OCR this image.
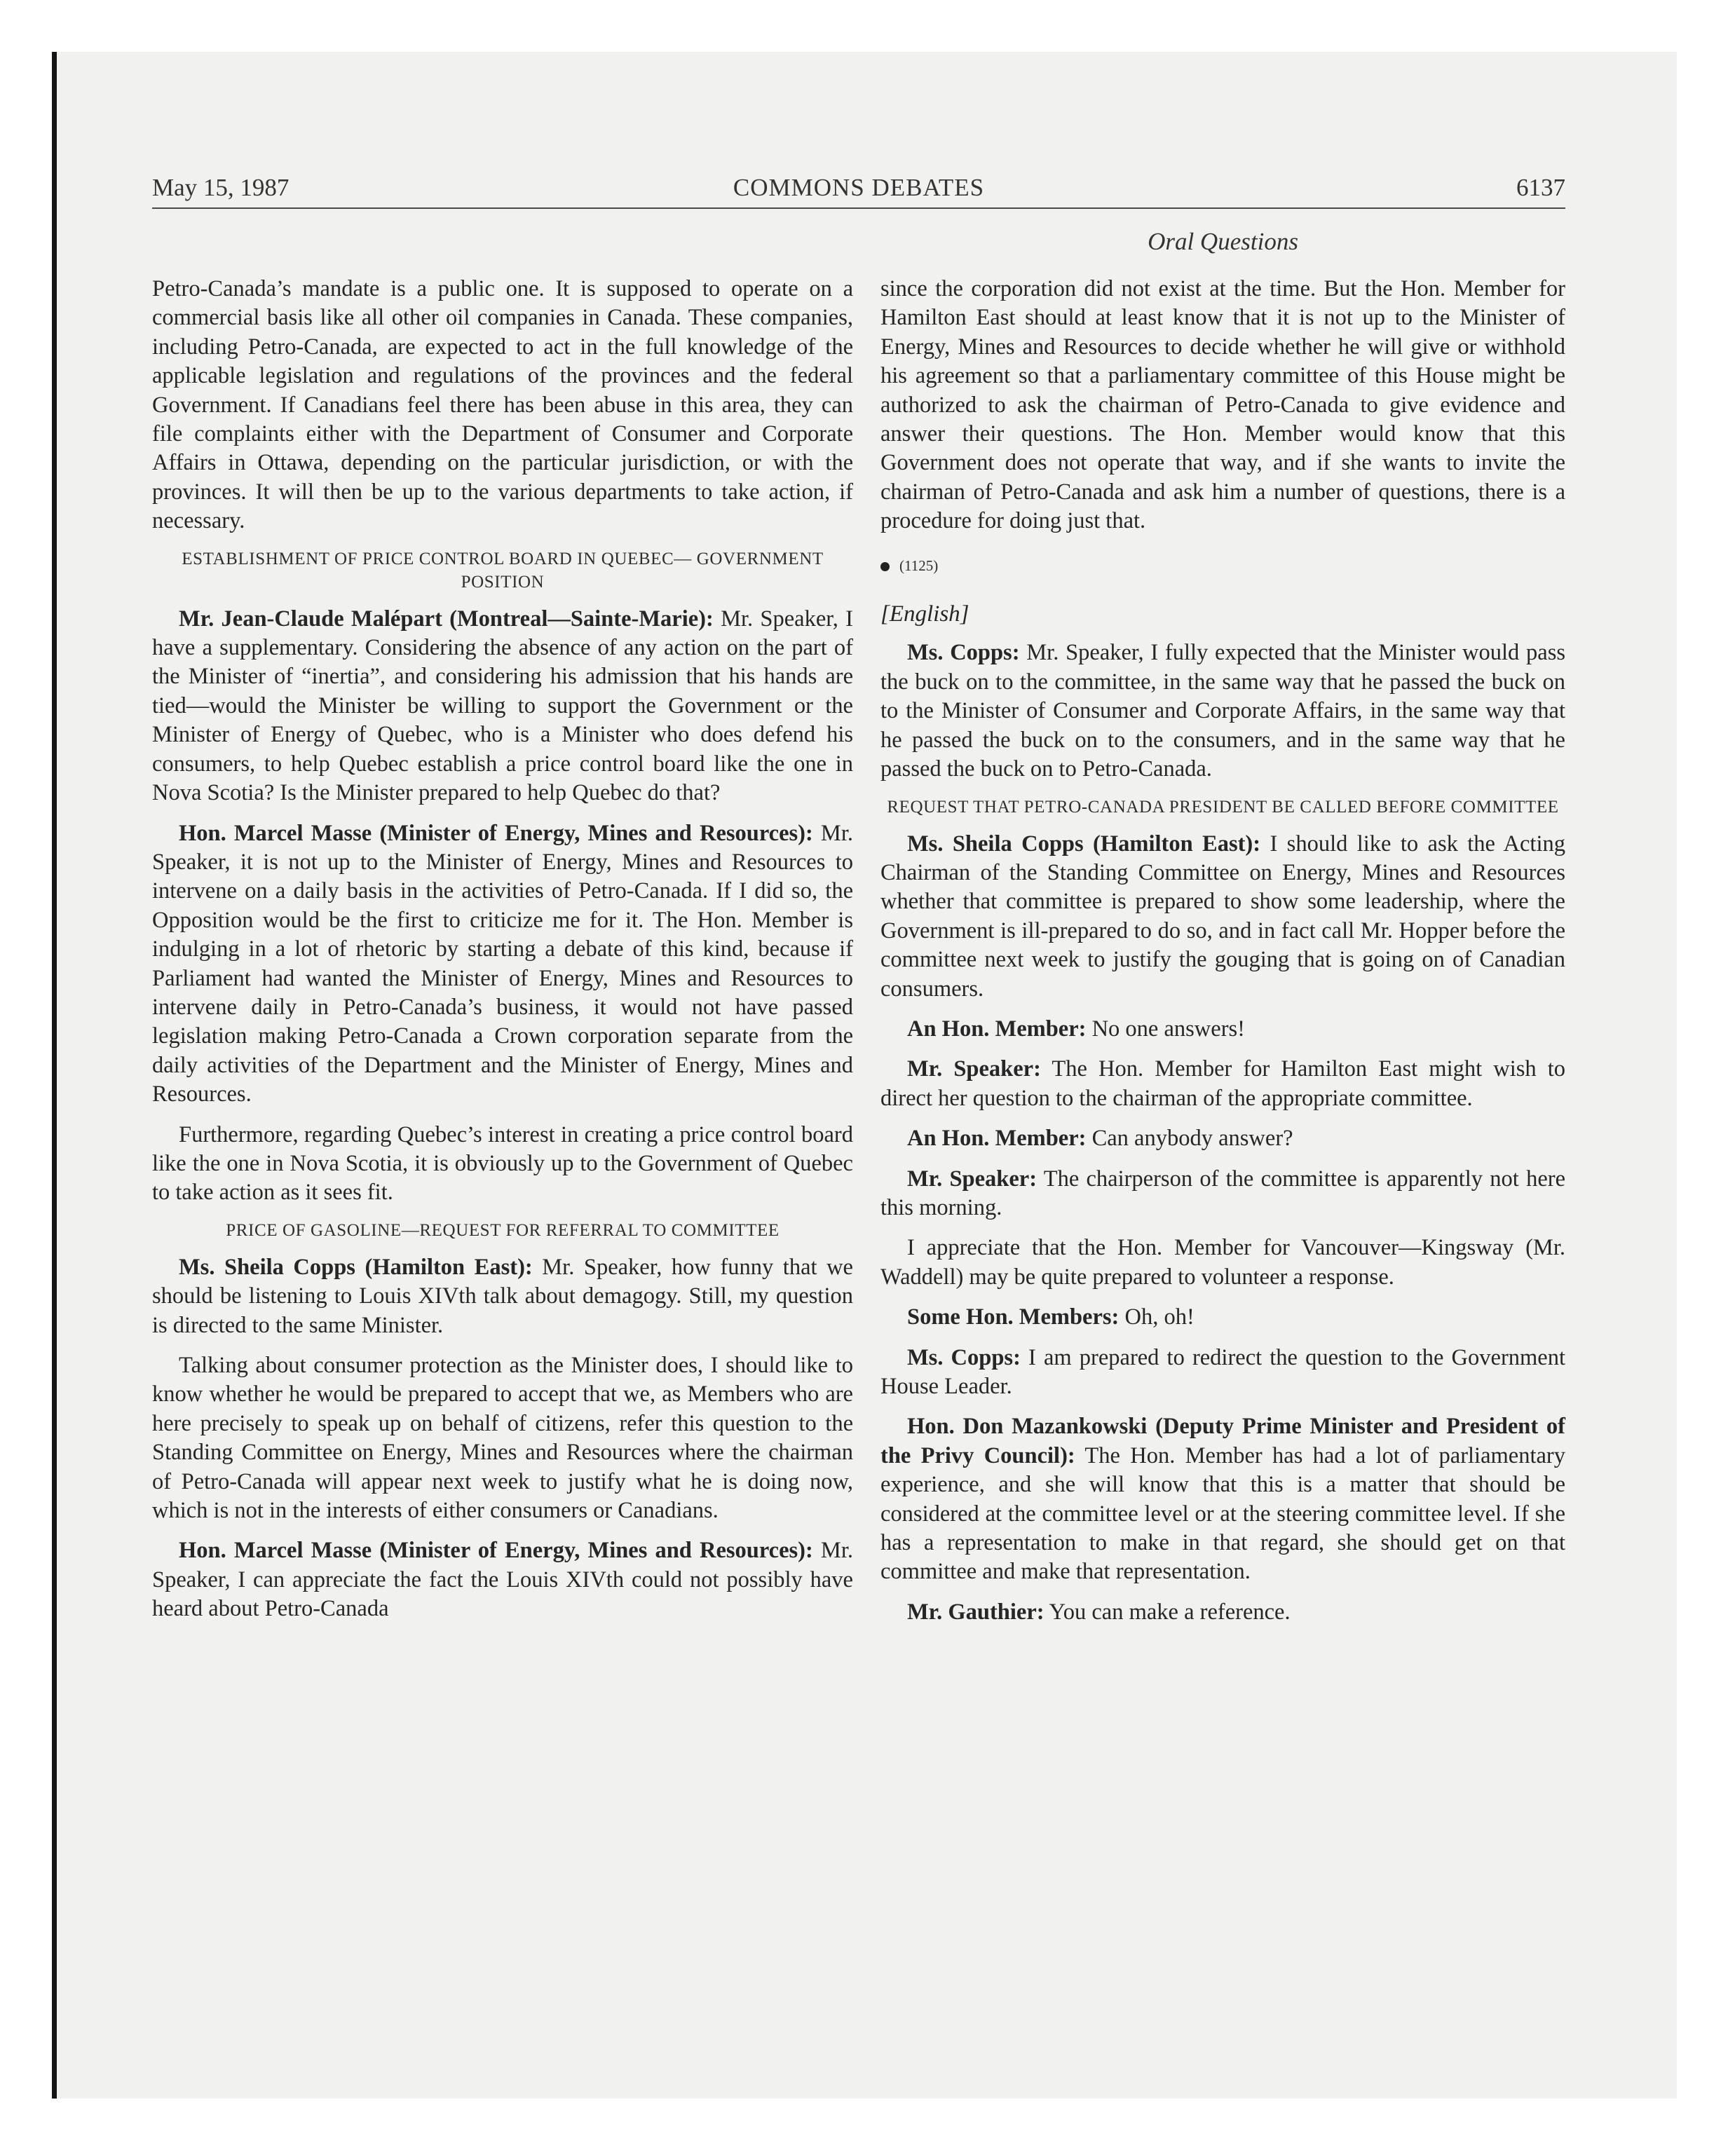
COMMONS DEBATES
May 15, 1987	6137
Oral Questions

Petro-Canada’s mandate is a public one. It is supposed to operate on a commercial basis like all other oil companies in Canada. These companies, including Petro-Canada, are expected to act in the full knowledge of the applicable legislation and regulations of the provinces and the federal Government. If Canadians feel there has been abuse in this area, they can file complaints either with the Department of Consumer and Corporate Affairs in Ottawa, depending on the particular jurisdiction, or with the provinces. It will then be up to the various departments to take action, if necessary.

ESTABLISHMENT OF PRICE CONTROL BOARD IN QUEBEC— GOVERNMENT POSITION

Mr. Jean-Claude Malépart (Montreal—Sainte-Marie): Mr. Speaker, I have a supplementary. Considering the absence of any action on the part of the Minister of “inertia”, and considering his admission that his hands are tied—would the Minister be willing to support the Government or the Minister of Energy of Quebec, who is a Minister who does defend his consumers, to help Quebec establish a price control board like the one in Nova Scotia? Is the Minister prepared to help Quebec do that?

Hon. Marcel Masse (Minister of Energy, Mines and Resources): Mr. Speaker, it is not up to the Minister of Energy, Mines and Resources to intervene on a daily basis in the activities of Petro-Canada. If I did so, the Opposition would be the first to criticize me for it. The Hon. Member is indulging in a lot of rhetoric by starting a debate of this kind, because if Parliament had wanted the Minister of Energy, Mines and Resources to intervene daily in Petro-Canada’s business, it would not have passed legislation making Petro-Canada a Crown corporation separate from the daily activities of the Department and the Minister of Energy, Mines and Resources.

Furthermore, regarding Quebec’s interest in creating a price control board like the one in Nova Scotia, it is obviously up to the Government of Quebec to take action as it sees fit.

PRICE OF GASOLINE—REQUEST FOR REFERRAL TO COMMITTEE

Ms. Sheila Copps (Hamilton East): Mr. Speaker, how funny that we should be listening to Louis XIVth talk about demagogy. Still, my question is directed to the same Minister.

Talking about consumer protection as the Minister does, I should like to know whether he would be prepared to accept that we, as Members who are here precisely to speak up on behalf of citizens, refer this question to the Standing Committee on Energy, Mines and Resources where the chairman of Petro-Canada will appear next week to justify what he is doing now, which is not in the interests of either consumers or Canadians.

Hon. Marcel Masse (Minister of Energy, Mines and Resources): Mr. Speaker, I can appreciate the fact the Louis XIVth could not possibly have heard about Petro-Canada

since the corporation did not exist at the time. But the Hon. Member for Hamilton East should at least know that it is not up to the Minister of Energy, Mines and Resources to decide whether he will give or withhold his agreement so that a parliamentary committee of this House might be authorized to ask the chairman of Petro-Canada to give evidence and answer their questions. The Hon. Member would know that this Government does not operate that way, and if she wants to invite the chairman of Petro-Canada and ask him a number of questions, there is a procedure for doing just that.

(1125)
[English]

Ms. Copps: Mr. Speaker, I fully expected that the Minister would pass the buck on to the committee, in the same way that he passed the buck on to the Minister of Consumer and Corporate Affairs, in the same way that he passed the buck on to the consumers, and in the same way that he passed the buck on to Petro-Canada.

REQUEST THAT PETRO-CANADA PRESIDENT BE CALLED BEFORE COMMITTEE

Ms. Sheila Copps (Hamilton East): I should like to ask the Acting Chairman of the Standing Committee on Energy, Mines and Resources whether that committee is prepared to show some leadership, where the Government is ill-prepared to do so, and in fact call Mr. Hopper before the committee next week to justify the gouging that is going on of Canadian consumers.

An Hon. Member: No one answers!

Mr. Speaker: The Hon. Member for Hamilton East might wish to direct her question to the chairman of the appropriate committee.

An Hon. Member: Can anybody answer?

Mr. Speaker: The chairperson of the committee is apparently not here this morning.

I appreciate that the Hon. Member for Vancouver—Kingsway (Mr. Waddell) may be quite prepared to volunteer a response.

Some Hon. Members: Oh, oh!

Ms. Copps: I am prepared to redirect the question to the Government House Leader.

Hon. Don Mazankowski (Deputy Prime Minister and President of the Privy Council): The Hon. Member has had a lot of parliamentary experience, and she will know that this is a matter that should be considered at the committee level or at the steering committee level. If she has a representation to make in that regard, she should get on that committee and make that representation.

Mr. Gauthier: You can make a reference.
